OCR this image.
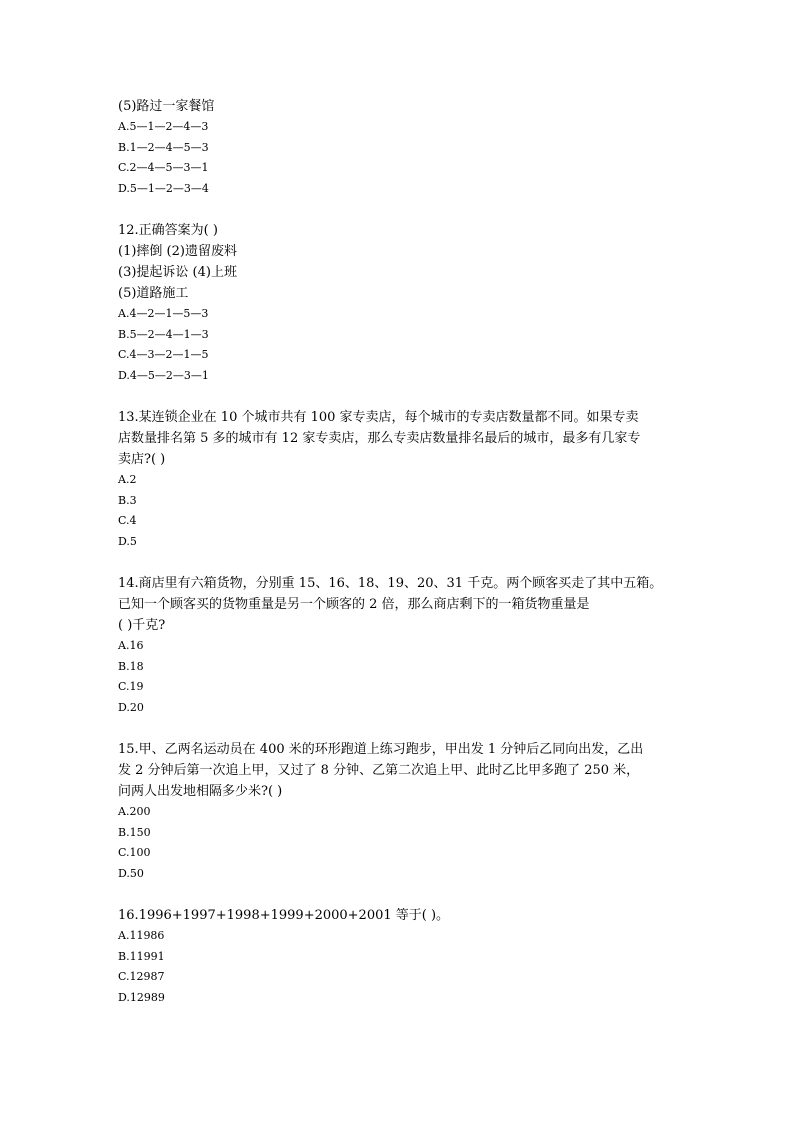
(5)路过一家餐馆
A.5—1—2—4—3
B.1—2—4—5—3
C.2—4—5—3—1
D.5—1—2—3—4
12.正确答案为( )
(1)摔倒 (2)遗留废料
(3)提起诉讼 (4)上班
(5)道路施工
A.4—2—1—5—3
B.5—2—4—1—3
C.4—3—2—1—5
D.4—5—2—3—1
13.某连锁企业在 10 个城市共有 100 家专卖店，每个城市的专卖店数量都不同。如果专卖
店数量排名第 5 多的城市有 12 家专卖店，那么专卖店数量排名最后的城市，最多有几家专
卖店?( )
A.2
B.3
C.4
D.5
14.商店里有六箱货物，分别重 15、16、18、19、20、31 千克。两个顾客买走了其中五箱。
已知一个顾客买的货物重量是另一个顾客的 2 倍，那么商店剩下的一箱货物重量是
( )千克?
A.16
B.18
C.19
D.20
15.甲、乙两名运动员在 400 米的环形跑道上练习跑步，甲出发 1 分钟后乙同向出发，乙出
发 2 分钟后第一次追上甲，又过了 8 分钟、乙第二次追上甲、此时乙比甲多跑了 250 米，
问两人出发地相隔多少米?( )
A.200
B.150
C.100
D.50
16.1996+1997+1998+1999+2000+2001 等于( )。
A.11986
B.11991
C.12987
D.12989
